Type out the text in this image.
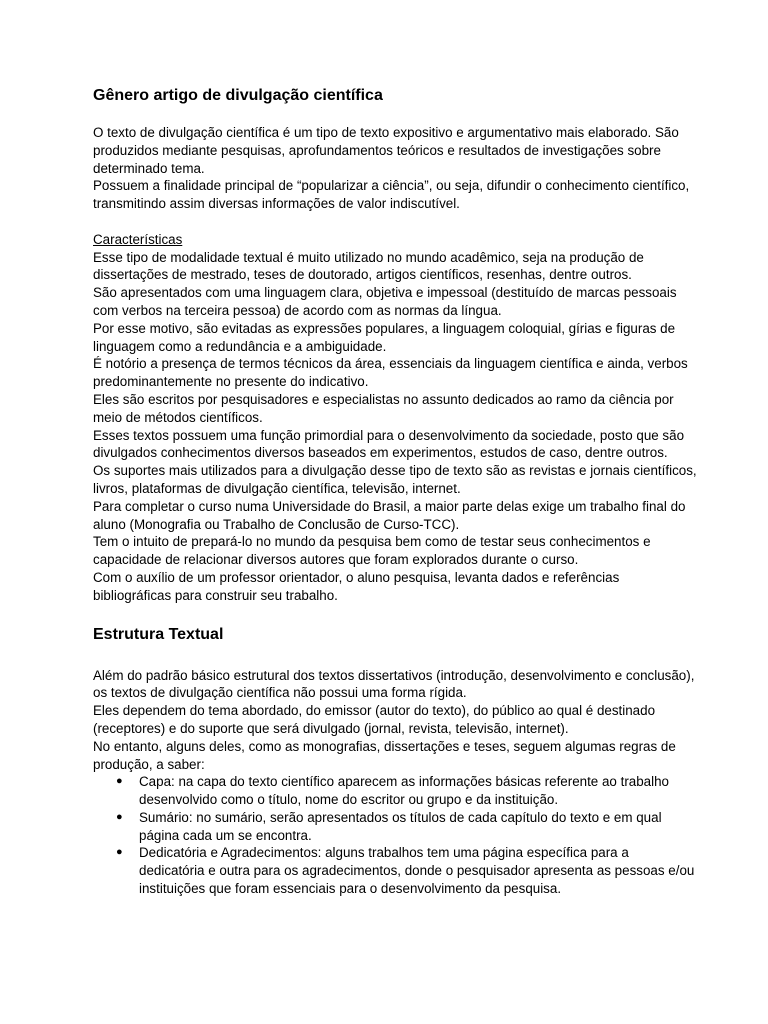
Gênero artigo de divulgação científica

O texto de divulgação científica é um tipo de texto expositivo e argumentativo mais elaborado. São produzidos mediante pesquisas, aprofundamentos teóricos e resultados de investigações sobre determinado tema.

Possuem a finalidade principal de “popularizar a ciência”, ou seja, difundir o conhecimento científico, transmitindo assim diversas informações de valor indiscutível.

Características

Esse tipo de modalidade textual é muito utilizado no mundo acadêmico, seja na produção de dissertações de mestrado, teses de doutorado, artigos científicos, resenhas, dentre outros.

São apresentados com uma linguagem clara, objetiva e impessoal (destituído de marcas pessoais com verbos na terceira pessoa) de acordo com as normas da língua.

Por esse motivo, são evitadas as expressões populares, a linguagem coloquial, gírias e figuras de linguagem como a redundância e a ambiguidade.

É notório a presença de termos técnicos da área, essenciais da linguagem científica e ainda, verbos predominantemente no presente do indicativo.

Eles são escritos por pesquisadores e especialistas no assunto dedicados ao ramo da ciência por meio de métodos científicos.

Esses textos possuem uma função primordial para o desenvolvimento da sociedade, posto que são divulgados conhecimentos diversos baseados em experimentos, estudos de caso, dentre outros.

Os suportes mais utilizados para a divulgação desse tipo de texto são as revistas e jornais científicos, livros, plataformas de divulgação científica, televisão, internet.

Para completar o curso numa Universidade do Brasil, a maior parte delas exige um trabalho final do aluno (Monografia ou Trabalho de Conclusão de Curso-TCC).

Tem o intuito de prepará-lo no mundo da pesquisa bem como de testar seus conhecimentos e capacidade de relacionar diversos autores que foram explorados durante o curso.

Com o auxílio de um professor orientador, o aluno pesquisa, levanta dados e referências bibliográficas para construir seu trabalho.

Estrutura Textual

Além do padrão básico estrutural dos textos dissertativos (introdução, desenvolvimento e conclusão), os textos de divulgação científica não possui uma forma rígida.

Eles dependem do tema abordado, do emissor (autor do texto), do público ao qual é destinado (receptores) e do suporte que será divulgado (jornal, revista, televisão, internet).

No entanto, alguns deles, como as monografias, dissertações e teses, seguem algumas regras de produção, a saber:

●	Capa: na capa do texto científico aparecem as informações básicas referente ao trabalho desenvolvido como o título, nome do escritor ou grupo e da instituição.
●	Sumário: no sumário, serão apresentados os títulos de cada capítulo do texto e em qual página cada um se encontra.
●	Dedicatória e Agradecimentos: alguns trabalhos tem uma página específica para a dedicatória e outra para os agradecimentos, donde o pesquisador apresenta as pessoas e/ou instituições que foram essenciais para o desenvolvimento da pesquisa.
